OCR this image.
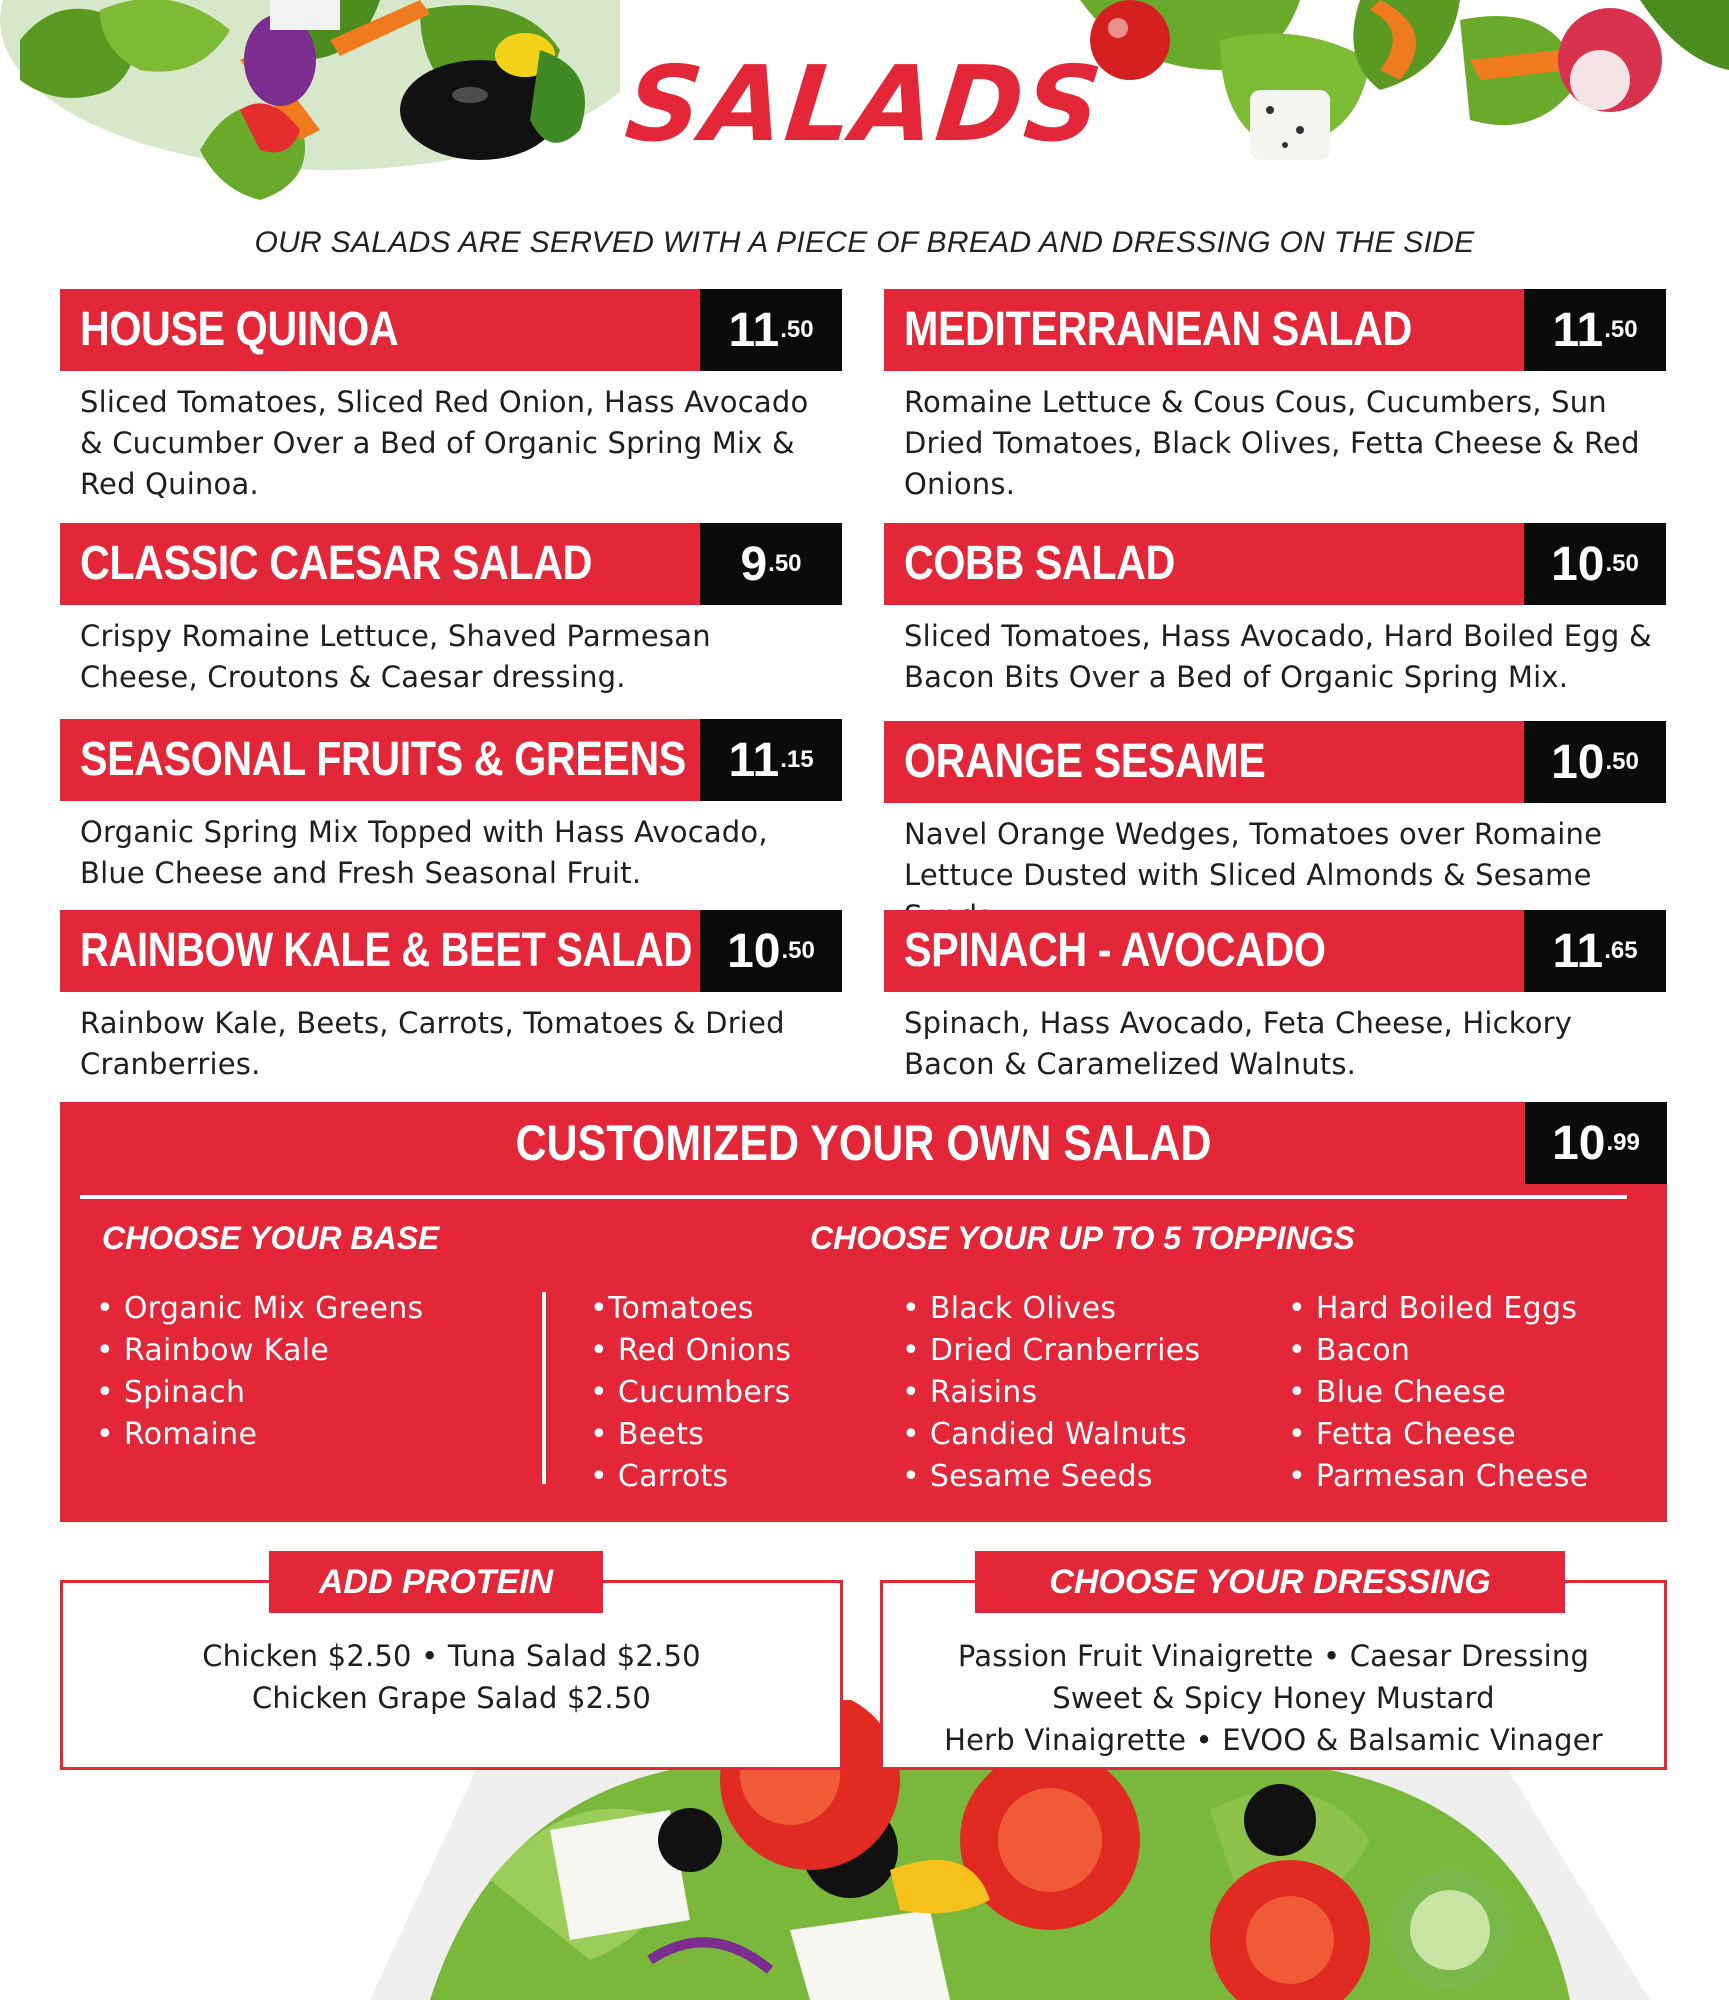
SALADS
OUR SALADS ARE SERVED WITH A PIECE OF BREAD AND DRESSING ON THE SIDE
HOUSE QUINOA	11 .50
Sliced Tomatoes, Sliced Red Onion, Hass Avocado & Cucumber Over a Bed of Organic Spring Mix & Red Quinoa.
MEDITERRANEAN SALAD	11 .50
Romaine Lettuce & Cous Cous, Cucumbers, Sun Dried Tomatoes, Black Olives, Fetta Cheese & Red Onions.
CLASSIC CAESAR SALAD	9 .50
Crispy Romaine Lettuce, Shaved Parmesan Cheese, Croutons & Caesar dressing.
COBB SALAD	10 .50
Sliced Tomatoes, Hass Avocado, Hard Boiled Egg & Bacon Bits Over a Bed of Organic Spring Mix.
SEASONAL FRUITS & GREENS 11 .15
Organic Spring Mix Topped with Hass Avocado, Blue Cheese and Fresh Seasonal Fruit.
ORANGE SESAME	10 .50
Navel Orange Wedges, Tomatoes over Romaine Lettuce Dusted with Sliced Almonds & Sesame
RAINBOW KALE & BEET SALAD 10 .50
Rainbow Kale, Beets, Carrots, Tomatoes & Dried Cranberries.
SPINACH - AVOCADO	11 .65
Spinach, Hass Avocado, Feta Cheese, Hickory Bacon & Caramelized Walnuts.
CUSTOMIZED YOUR OWN SALAD	10 .99
CHOOSE YOUR BASE	CHOOSE YOUR UP TO 5 TOPPINGS
• Organic Mix Greens
• Rainbow Kale
• Spinach
• Romaine
•Tomatoes
• Red Onions
• Cucumbers
• Beets
• Carrots
• Black Olives
• Dried Cranberries
• Raisins
• Candied Walnuts
• Sesame Seeds
• Hard Boiled Eggs
• Bacon
• Blue Cheese
• Fetta Cheese
• Parmesan Cheese
ADD PROTEIN
Chicken $2.50 • Tuna Salad $2.50
Chicken Grape Salad $2.50
CHOOSE YOUR DRESSING
Passion Fruit Vinaigrette • Caesar Dressing
Sweet & Spicy Honey Mustard
Herb Vinaigrette • EVOO & Balsamic Vinager
